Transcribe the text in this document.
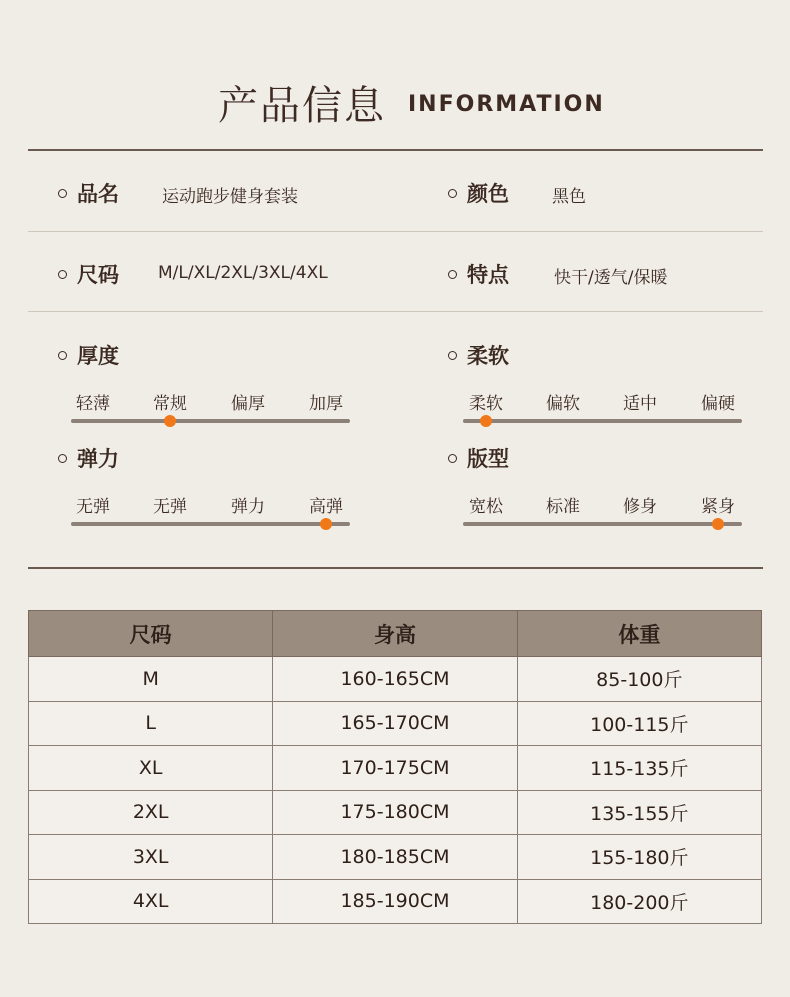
产品信息 INFORMATION
品名	运动跑步健身套装	颜色	黑色
尺码 M/L/XL/2XL/3XL/4XL	特点	快干/透气/保暖
厚度
轻薄	常规	偏厚	加厚
柔软
柔软	偏软	适中	偏硬
弹力
无弹	无弹	弹力	高弹
版型
宽松	标准	修身	紧身
尺码	身高	体重
M	160-165CM	85-100斤
L	165-170CM	100-115斤
XL	170-175CM	115-135斤
2XL	175-180CM	135-155斤
3XL	180-185CM	155-180斤
4XL	185-190CM	180-200斤
